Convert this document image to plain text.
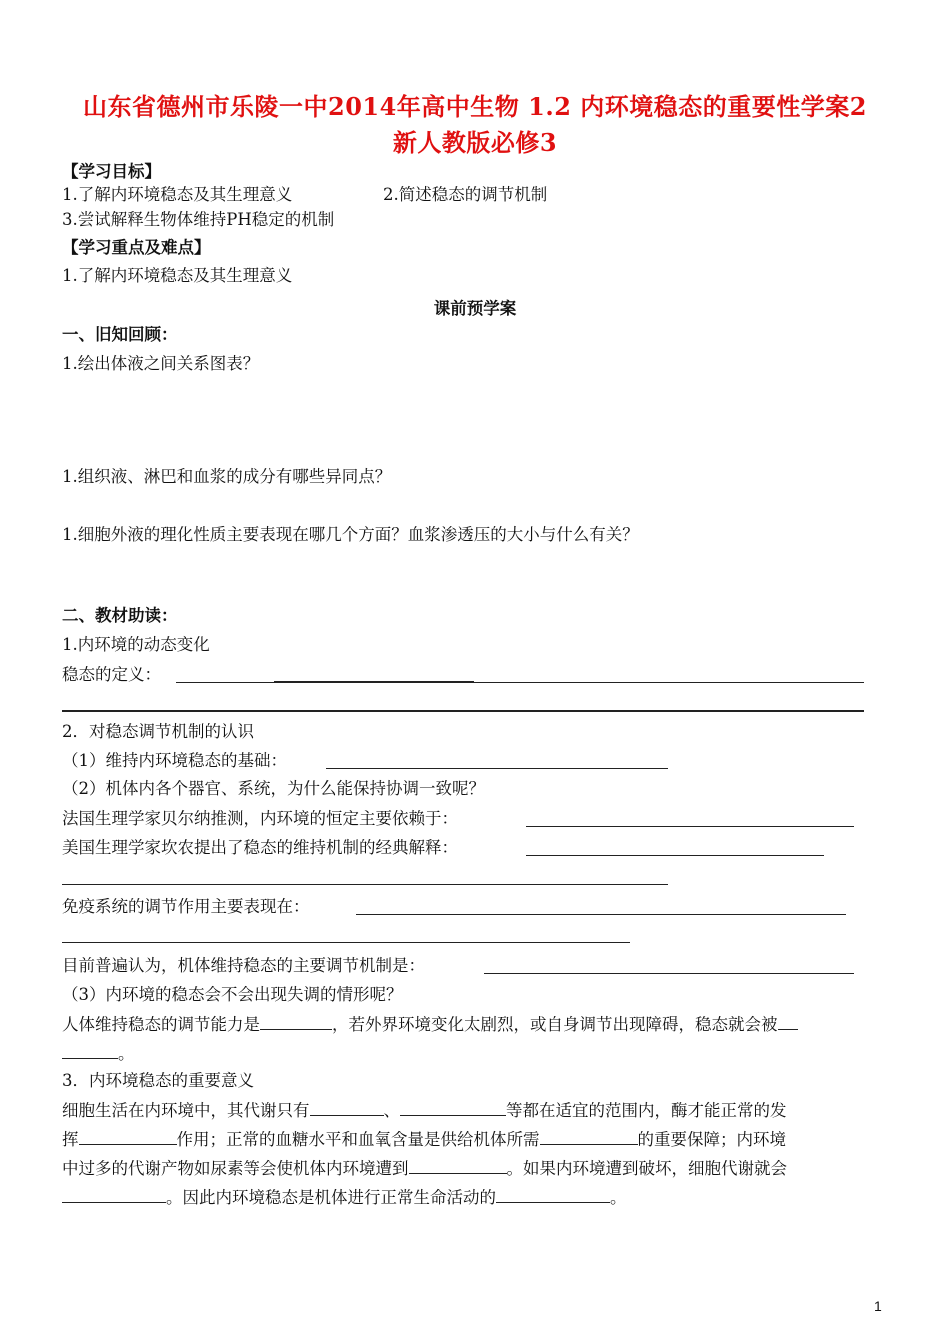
山东省德州市乐陵一中2014年高中生物 1.2 内环境稳态的重要性学案2
新人教版必修3
【学习目标】
1.了解内环境稳态及其生理意义	2.简述稳态的调节机制
3.尝试解释生物体维持PH稳定的机制
【学习重点及难点】
1.了解内环境稳态及其生理意义
课前预学案
一、旧知回顾：
1.绘出体液之间关系图表？
1.组织液、淋巴和血浆的成分有哪些异同点？
1.细胞外液的理化性质主要表现在哪几个方面？血浆渗透压的大小与什么有关？
二、教材助读：
1.内环境的动态变化
稳态的定义：
2．对稳态调节机制的认识
（1）维持内环境稳态的基础：
（2）机体内各个器官、系统，为什么能保持协调一致呢？
法国生理学家贝尔纳推测，内环境的恒定主要依赖于：
美国生理学家坎农提出了稳态的维持机制的经典解释：
免疫系统的调节作用主要表现在：
目前普遍认为，机体维持稳态的主要调节机制是：
（3）内环境的稳态会不会出现失调的情形呢？
人体维持稳态的调节能力是	，若外界环境变化太剧烈，或自身调节出现障碍，稳态就会被
。
3．内环境稳态的重要意义
细胞生活在内环境中，其代谢只有	、	等都在适宜的范围内，酶才能正常的发
挥	作用；正常的血糖水平和血氧含量是供给机体所需	的重要保障；内环境
中过多的代谢产物如尿素等会使机体内环境遭到	。如果内环境遭到破坏，细胞代谢就会
。因此内环境稳态是机体进行正常生命活动的	。
1
